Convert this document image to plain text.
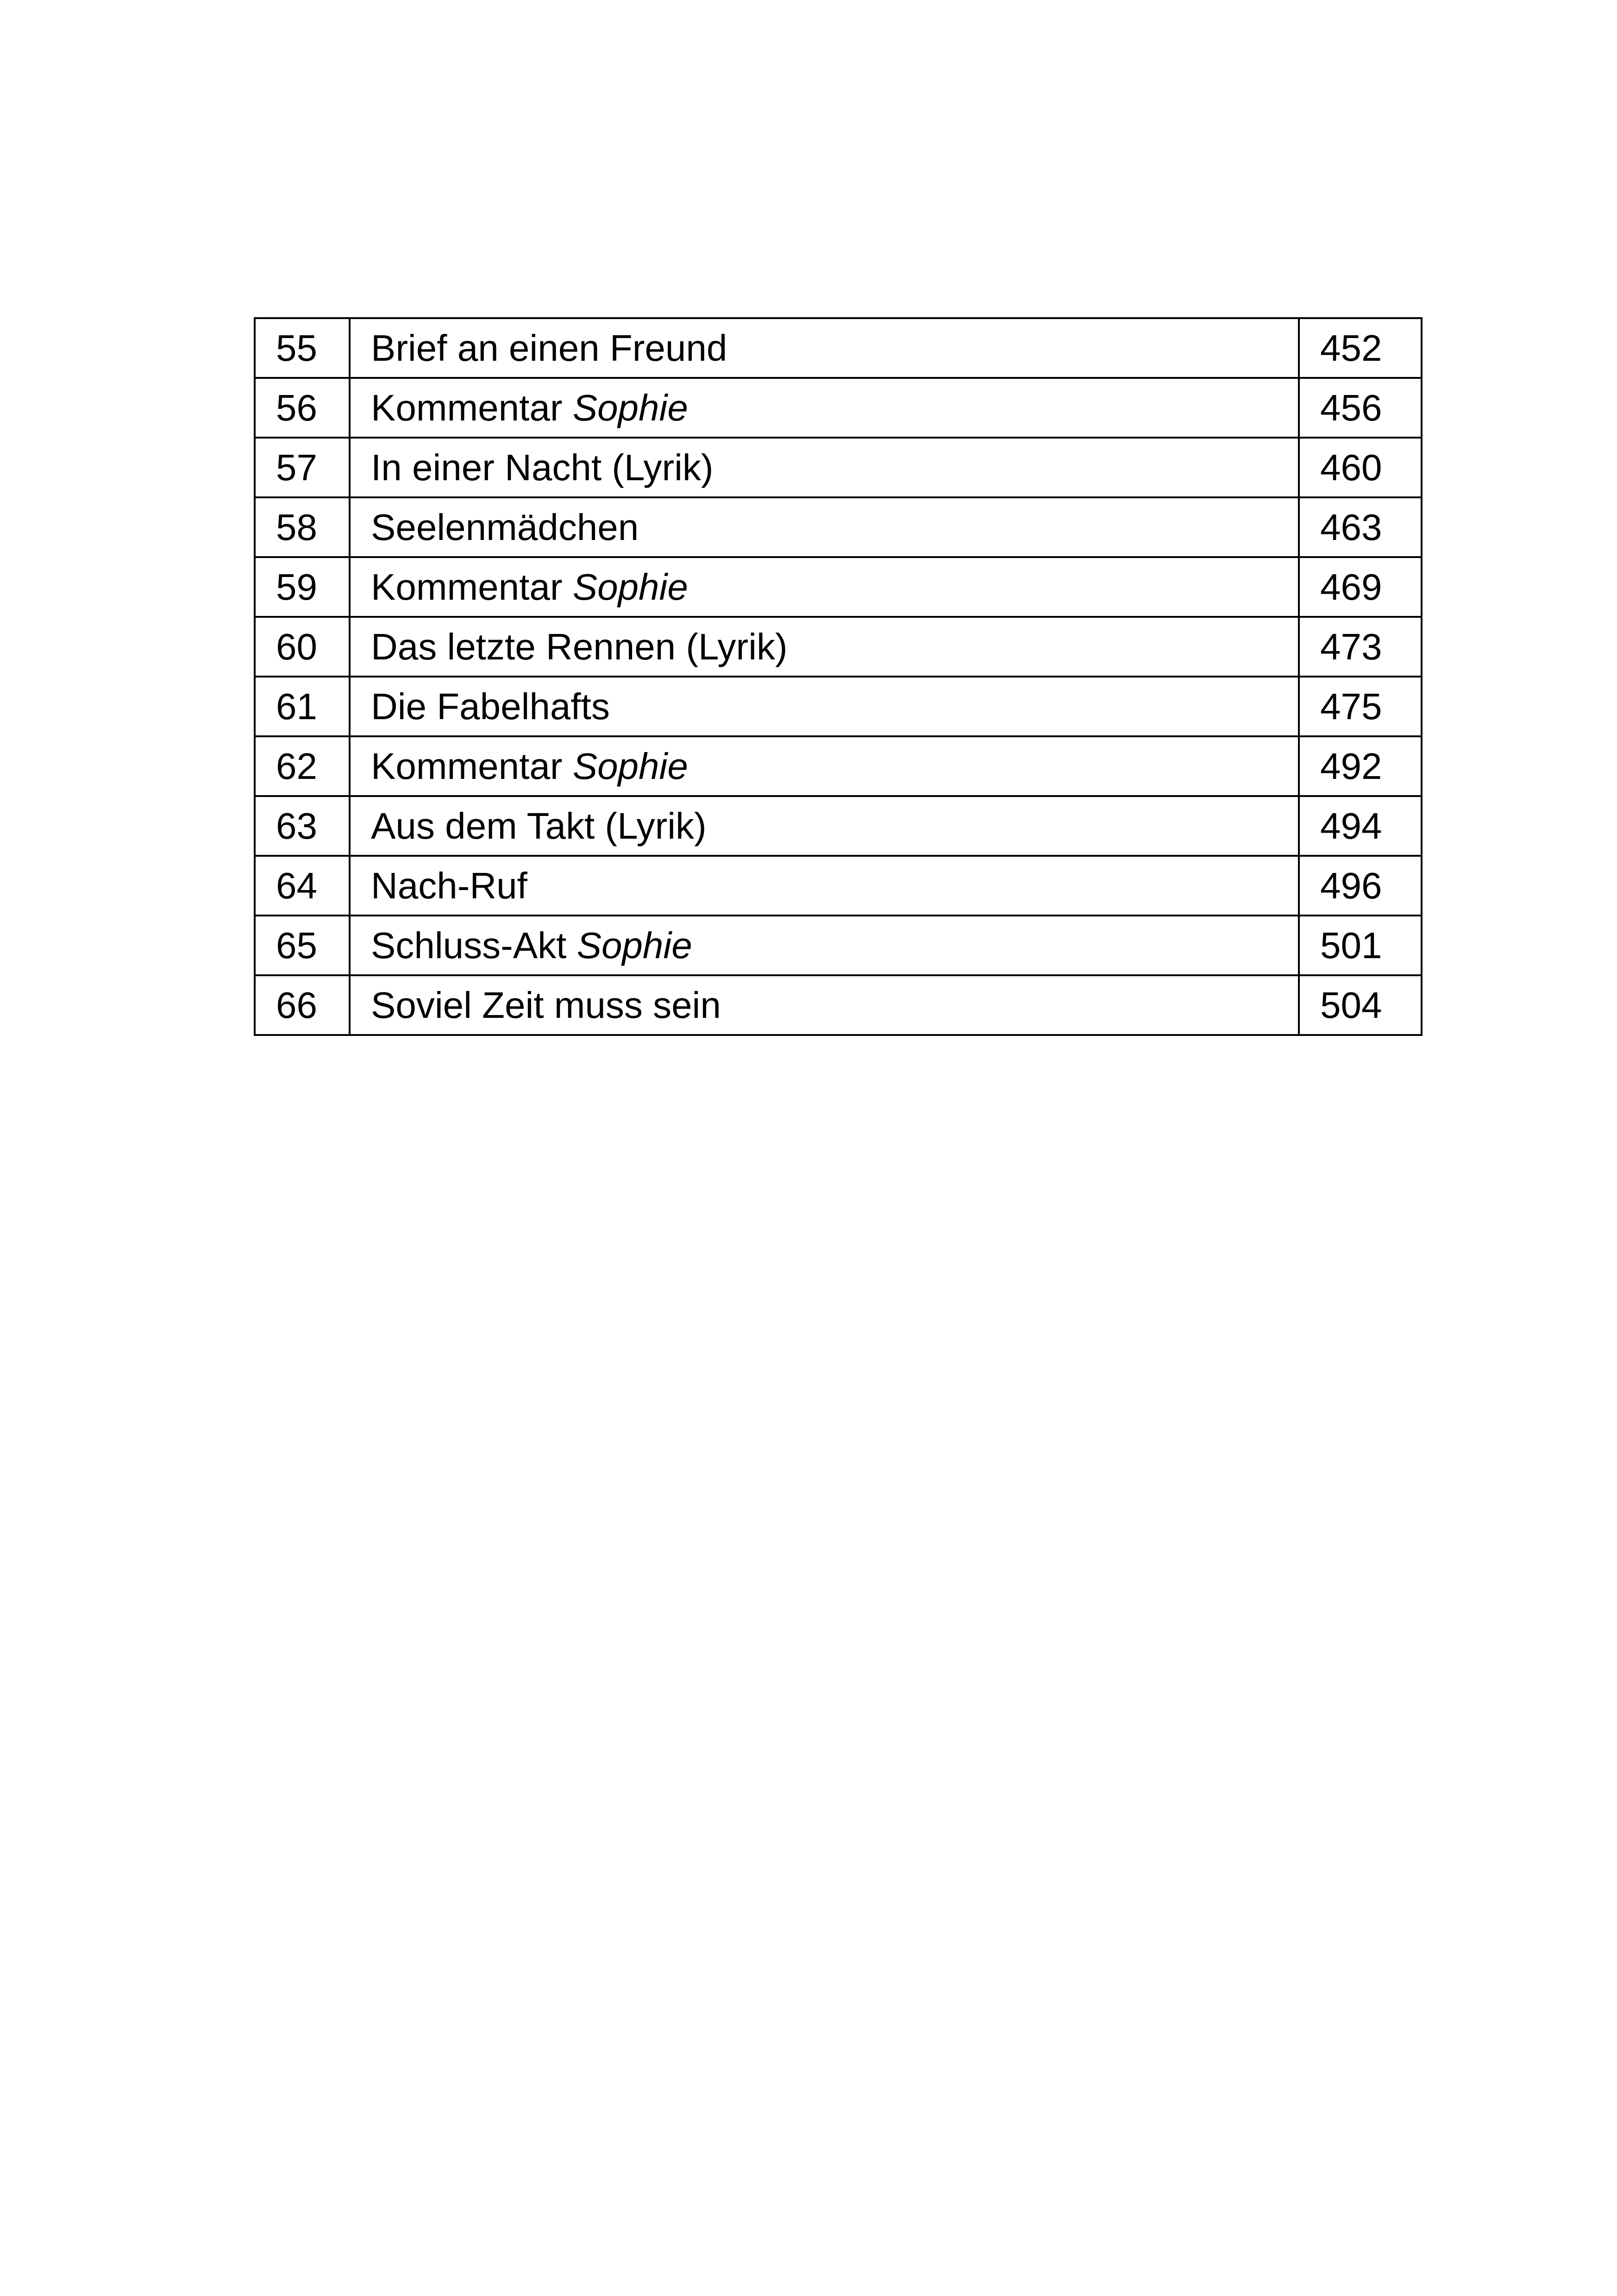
55	Brief an einen Freund	452
56	Kommentar Sophie	456
57	In einer Nacht (Lyrik)	460
58	Seelenmädchen	463
59	Kommentar Sophie	469
60	Das letzte Rennen (Lyrik)	473
61	Die Fabelhafts	475
62	Kommentar Sophie	492
63	Aus dem Takt (Lyrik)	494
64	Nach-Ruf	496
65	Schluss-Akt Sophie	501
66	Soviel Zeit muss sein	504
